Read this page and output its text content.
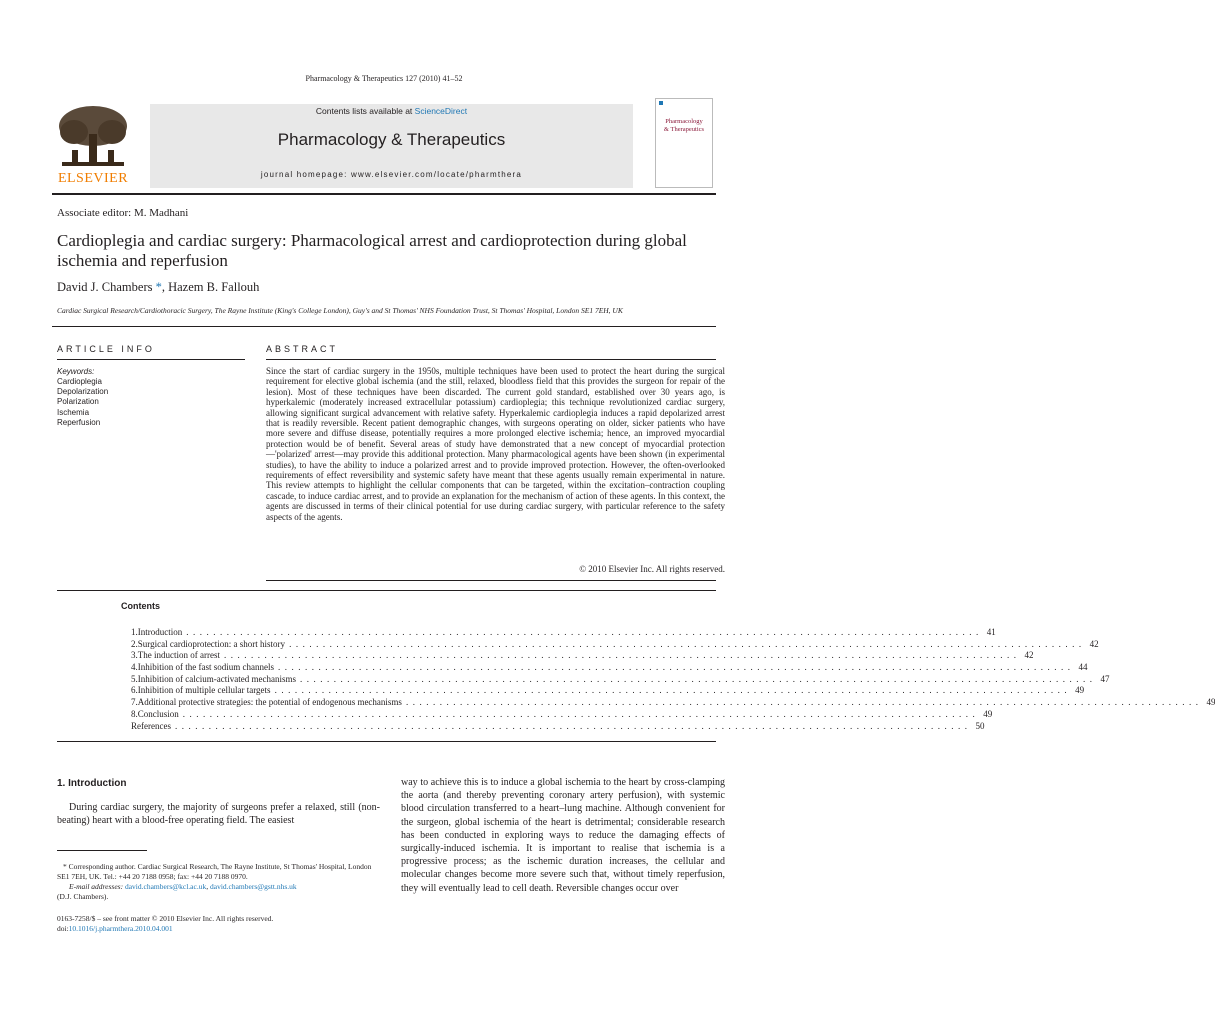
Pharmacology & Therapeutics 127 (2010) 41–52
ELSEVIER
Contents lists available at ScienceDirect
Pharmacology & Therapeutics
journal homepage: www.elsevier.com/locate/pharmthera
Pharmacology
& Therapeutics
Associate editor: M. Madhani
Cardioplegia and cardiac surgery: Pharmacological arrest and cardioprotection during global ischemia and reperfusion
David J. Chambers *, Hazem B. Fallouh
Cardiac Surgical Research/Cardiothoracic Surgery, The Rayne Institute (King's College London), Guy's and St Thomas' NHS Foundation Trust, St Thomas' Hospital, London SE1 7EH, UK
ARTICLE INFO	ABSTRACT
Keywords:
Cardioplegia
Depolarization
Polarization
Ischemia
Reperfusion
Since the start of cardiac surgery in the 1950s, multiple techniques have been used to protect the heart during the surgical requirement for elective global ischemia (and the still, relaxed, bloodless field that this provides the surgeon for repair of the lesion). Most of these techniques have been discarded. The current gold standard, established over 30 years ago, is hyperkalemic (moderately increased extracellular potassium) cardioplegia; this technique revolutionized cardiac surgery, allowing significant surgical advancement with relative safety. Hyperkalemic cardioplegia induces a rapid depolarized arrest that is readily reversible. Recent patient demographic changes, with surgeons operating on older, sicker patients who have more severe and diffuse disease, potentially requires a more prolonged elective ischemia; hence, an improved myocardial protection would be of benefit. Several areas of study have demonstrated that a new concept of myocardial protection—'polarized' arrest—may provide this additional protection. Many pharmacological agents have been shown (in experimental studies), to have the ability to induce a polarized arrest and to provide improved protection. However, the often-overlooked requirements of effect reversibility and systemic safety have meant that these agents usually remain experimental in nature. This review attempts to highlight the cellular components that can be targeted, within the excitation–contraction coupling cascade, to induce cardiac arrest, and to provide an explanation for the mechanism of action of these agents. In this context, the agents are discussed in terms of their clinical potential for use during cardiac surgery, with particular reference to the safety aspects of the agents.
© 2010 Elsevier Inc. All rights reserved.
Contents
1. Introduction ...................................................................................................................... 41
2. Surgical cardioprotection: a short history ...................................................................................................................... 42
3. The induction of arrest ...................................................................................................................... 42
4. Inhibition of the fast sodium channels ...................................................................................................................... 44
5. Inhibition of calcium-activated mechanisms ...................................................................................................................... 47
6. Inhibition of multiple cellular targets ...................................................................................................................... 49
7. Additional protective strategies: the potential of endogenous mechanisms ...................................................................................................................... 49
8. Conclusion ...................................................................................................................... 49
References ...................................................................................................................... 50
1. Introduction
During cardiac surgery, the majority of surgeons prefer a relaxed, still (non-beating) heart with a blood-free operating field. The easiest
way to achieve this is to induce a global ischemia to the heart by cross-clamping the aorta (and thereby preventing coronary artery perfusion), with systemic blood circulation transferred to a heart–lung machine. Although convenient for the surgeon, global ischemia of the heart is detrimental; considerable research has been conducted in exploring ways to reduce the damaging effects of surgically-induced ischemia. It is important to realise that ischemia is a progressive process; as the ischemic duration increases, the cellular and molecular changes become more severe such that, without timely reperfusion, they will eventually lead to cell death. Reversible changes occur over
* Corresponding author. Cardiac Surgical Research, The Rayne Institute, St Thomas' Hospital, London SE1 7EH, UK. Tel.: +44 20 7188 0958; fax: +44 20 7188 0970.
E-mail addresses: david.chambers@kcl.ac.uk, david.chambers@gstt.nhs.uk
(D.J. Chambers).
0163-7258/$ – see front matter © 2010 Elsevier Inc. All rights reserved.
doi:10.1016/j.pharmthera.2010.04.001
